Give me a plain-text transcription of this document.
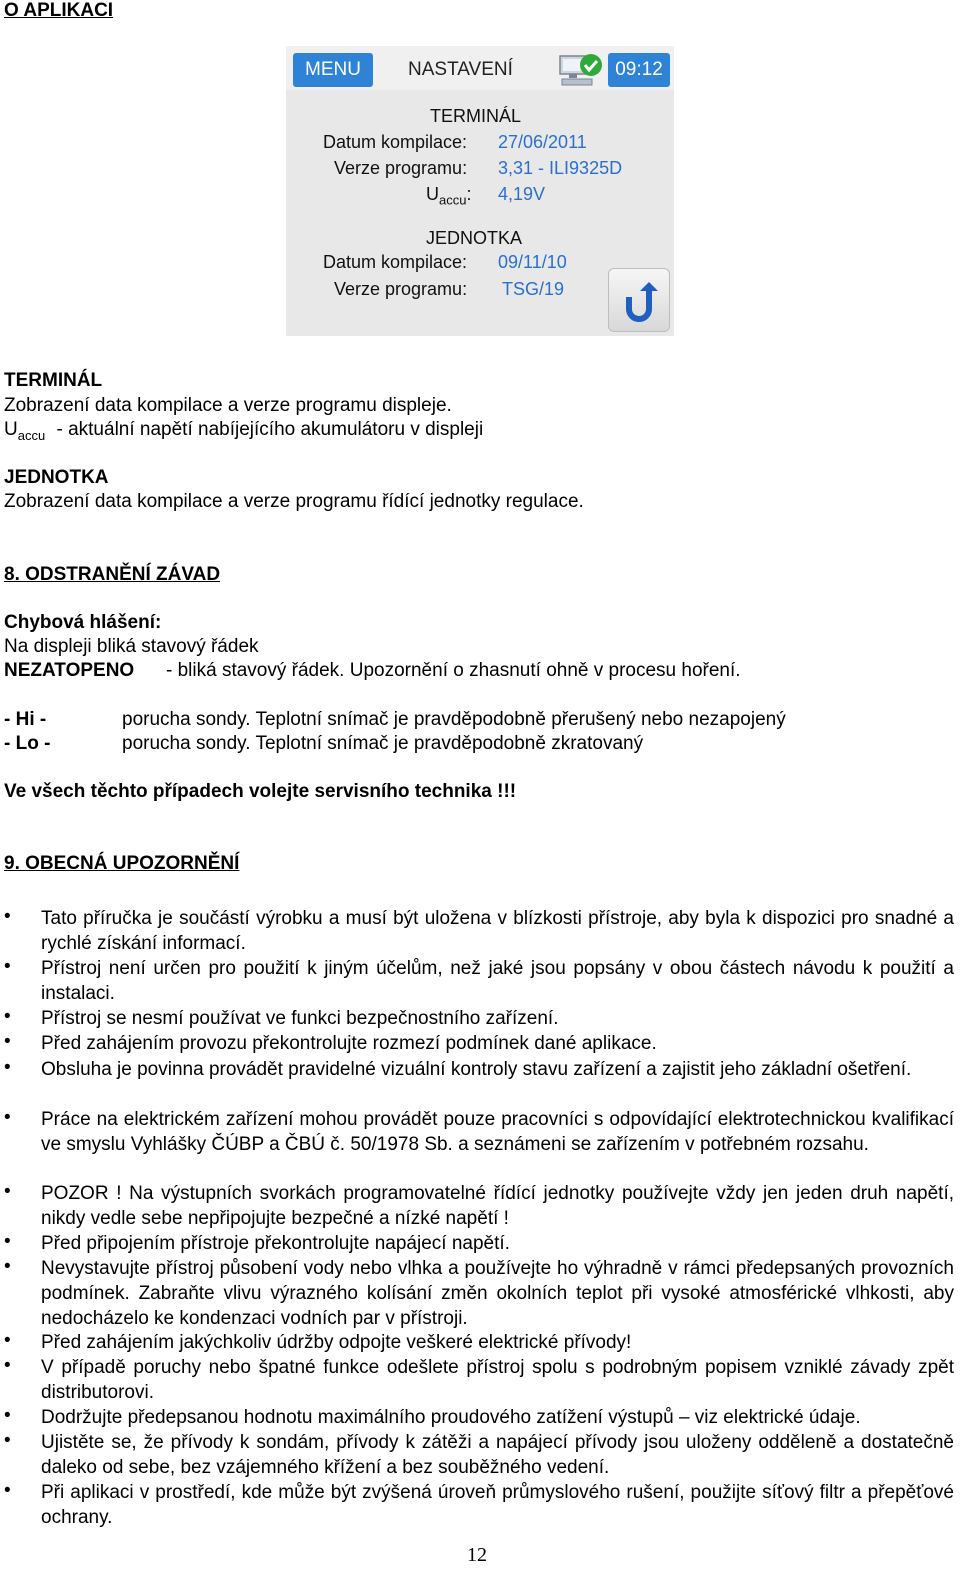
O APLIKACI
MENU	NASTAVENÍ	09:12
TERMINÁL
Datum kompilace: 27/06/2011
Verze programu: 3,31 - ILI9325D
$U_{accu}$: 4,19V
JEDNOTKA
Datum kompilace: 09/11/10
Verze programu: TSG/19
TERMINÁL
Zobrazení data kompilace a verze programu displeje.
$U_{accu}$ - aktuální napětí nabíjejícího akumulátoru v displeji
JEDNOTKA
Zobrazení data kompilace a verze programu řídící jednotky regulace.
8. ODSTRANĚNÍ ZÁVAD
Chybová hlášení:
Na displeji bliká stavový řádek
NEZATOPENO - bliká stavový řádek. Upozornění o zhasnutí ohně v procesu hoření.
- Hi -	porucha sondy. Teplotní snímač je pravděpodobně přerušený nebo nezapojený
- Lo -	porucha sondy. Teplotní snímač je pravděpodobně zkratovaný
Ve všech těchto případech volejte servisního technika !!!
9. OBECNÁ UPOZORNĚNÍ
• Tato příručka je součástí výrobku a musí být uložena v blízkosti přístroje, aby byla k dispozici pro snadné a rychlé získání informací.
• Přístroj není určen pro použití k jiným účelům, než jaké jsou popsány v obou částech návodu k použití a instalaci.
• Přístroj se nesmí používat ve funkci bezpečnostního zařízení.
• Před zahájením provozu překontrolujte rozmezí podmínek dané aplikace.
• Obsluha je povinna provádět pravidelné vizuální kontroly stavu zařízení a zajistit jeho základní ošetření.
• Práce na elektrickém zařízení mohou provádět pouze pracovníci s odpovídající elektrotechnickou kvalifikací ve smyslu Vyhlášky ČÚBP a ČBÚ č. 50/1978 Sb. a seznámeni se zařízením v potřebném rozsahu.
• POZOR ! Na výstupních svorkách programovatelné řídící jednotky používejte vždy jen jeden druh napětí, nikdy vedle sebe nepřipojujte bezpečné a nízké napětí !
• Před připojením přístroje překontrolujte napájecí napětí.
• Nevystavujte přístroj působení vody nebo vlhka a používejte ho výhradně v rámci předepsaných provozních podmínek. Zabraňte vlivu výrazného kolísání změn okolních teplot při vysoké atmosférické vlhkosti, aby nedocházelo ke kondenzaci vodních par v přístroji.
• Před zahájením jakýchkoliv údržby odpojte veškeré elektrické přívody!
• V případě poruchy nebo špatné funkce odešlete přístroj spolu s podrobným popisem vzniklé závady zpět distributorovi.
• Dodržujte předepsanou hodnotu maximálního proudového zatížení výstupů – viz elektrické údaje.
• Ujistěte se, že přívody k sondám, přívody k zátěži a napájecí přívody jsou uloženy odděleně a dostatečně daleko od sebe, bez vzájemného křížení a bez souběžného vedení.
• Při aplikaci v prostředí, kde může být zvýšená úroveň průmyslového rušení, použijte síťový filtr a přepěťové ochrany.
12
